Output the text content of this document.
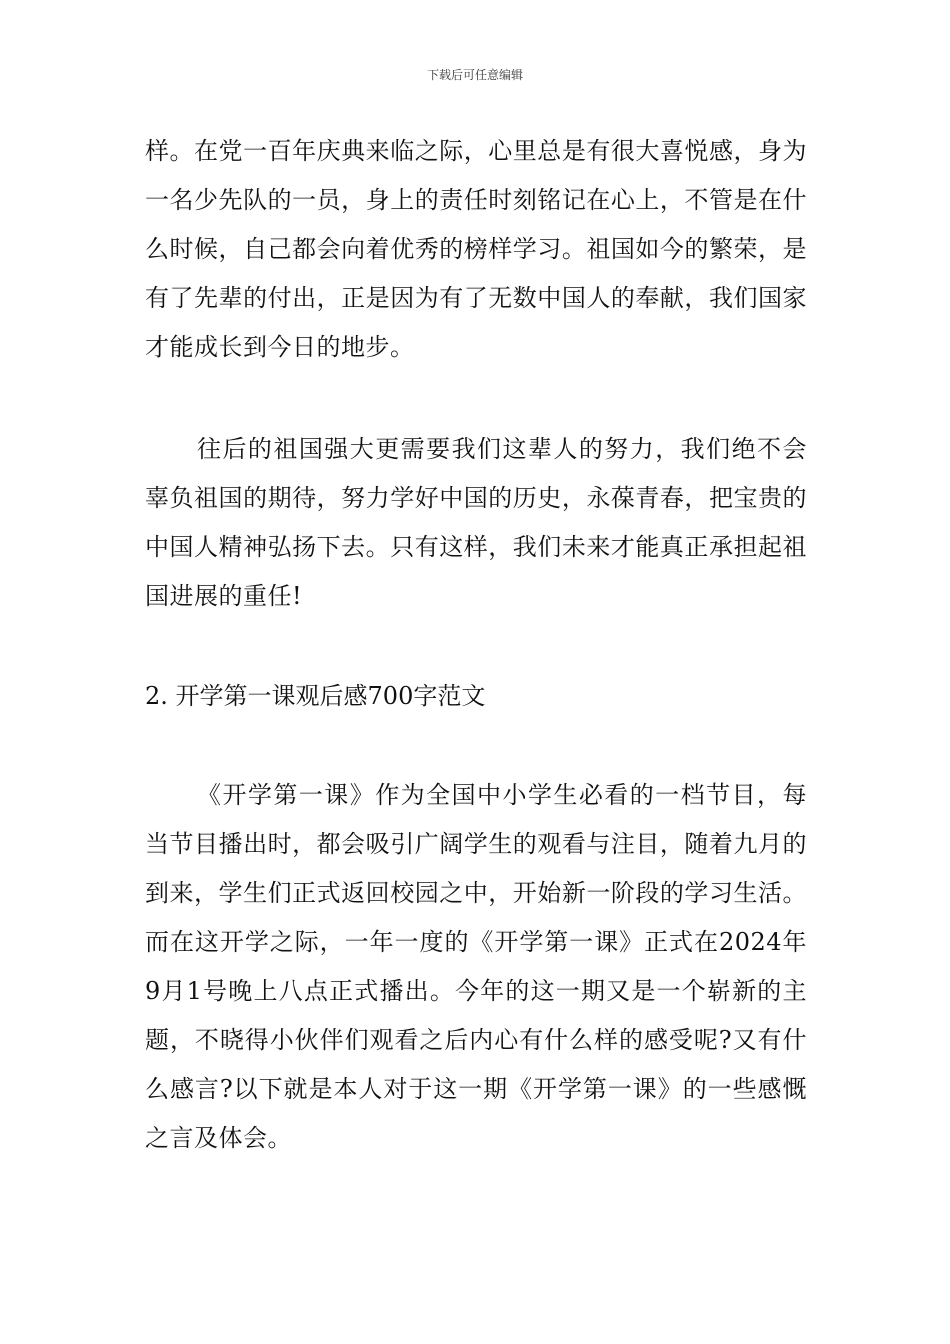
下载后可任意编辑

样。在党一百年庆典来临之际，心里总是有很大喜悦感，身为一名少先队的一员，身上的责任时刻铭记在心上，不管是在什么时候，自己都会向着优秀的榜样学习。祖国如今的繁荣，是有了先辈的付出，正是因为有了无数中国人的奉献，我们国家才能成长到今日的地步。

往后的祖国强大更需要我们这辈人的努力，我们绝不会辜负祖国的期待，努力学好中国的历史，永葆青春，把宝贵的中国人精神弘扬下去。只有这样，我们未来才能真正承担起祖国进展的重任!

2. 开学第一课观后感700字范文

《开学第一课》作为全国中小学生必看的一档节目，每当节目播出时，都会吸引广阔学生的观看与注目，随着九月的到来，学生们正式返回校园之中，开始新一阶段的学习生活。而在这开学之际，一年一度的《开学第一课》正式在2024年9月1号晚上八点正式播出。今年的这一期又是一个崭新的主题，不晓得小伙伴们观看之后内心有什么样的感受呢?又有什么感言?以下就是本人对于这一期《开学第一课》的一些感慨之言及体会。
